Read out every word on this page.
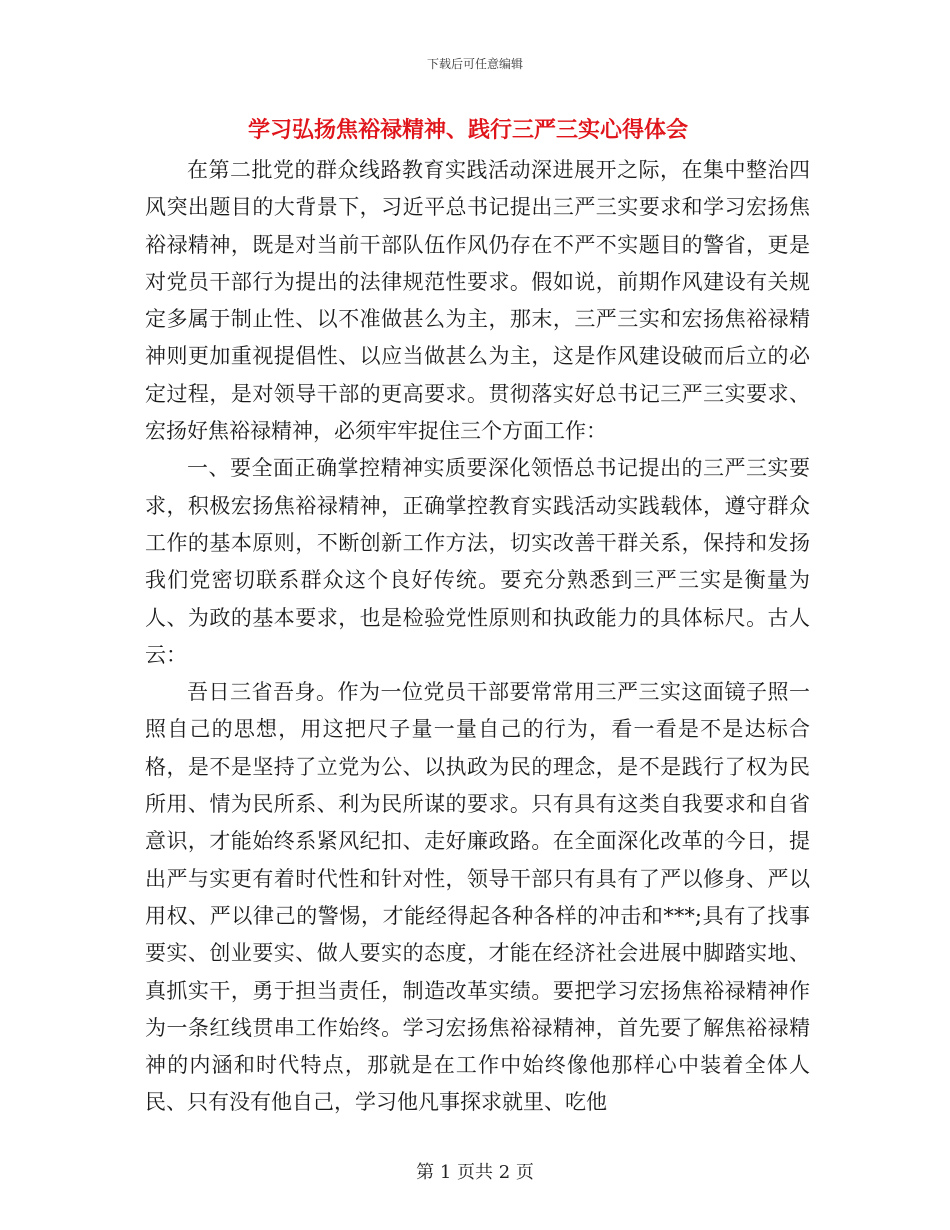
下载后可任意编辑
学习弘扬焦裕禄精神、践行三严三实心得体会

在第二批党的群众线路教育实践活动深进展开之际，在集中整治四风突出题目的大背景下，习近平总书记提出三严三实要求和学习宏扬焦裕禄精神，既是对当前干部队伍作风仍存在不严不实题目的警省，更是对党员干部行为提出的法律规范性要求。假如说，前期作风建设有关规定多属于制止性、以不准做甚么为主，那末，三严三实和宏扬焦裕禄精神则更加重视提倡性、以应当做甚么为主，这是作风建设破而后立的必定过程，是对领导干部的更高要求。贯彻落实好总书记三严三实要求、宏扬好焦裕禄精神，必须牢牢捉住三个方面工作：

一、要全面正确掌控精神实质要深化领悟总书记提出的三严三实要求，积极宏扬焦裕禄精神，正确掌控教育实践活动实践载体，遵守群众工作的基本原则，不断创新工作方法，切实改善干群关系，保持和发扬我们党密切联系群众这个良好传统。要充分熟悉到三严三实是衡量为人、为政的基本要求，也是检验党性原则和执政能力的具体标尺。古人云：

吾日三省吾身。作为一位党员干部要常常用三严三实这面镜子照一照自己的思想，用这把尺子量一量自己的行为，看一看是不是达标合格，是不是坚持了立党为公、以执政为民的理念，是不是践行了权为民所用、情为民所系、利为民所谋的要求。只有具有这类自我要求和自省意识，才能始终系紧风纪扣、走好廉政路。在全面深化改革的今日，提出严与实更有着时代性和针对性，领导干部只有具有了严以修身、严以用权、严以律己的警惕，才能经得起各种各样的冲击和***;具有了找事要实、创业要实、做人要实的态度，才能在经济社会进展中脚踏实地、真抓实干，勇于担当责任，制造改革实绩。要把学习宏扬焦裕禄精神作为一条红线贯串工作始终。学习宏扬焦裕禄精神，首先要了解焦裕禄精神的内涵和时代特点，那就是在工作中始终像他那样心中装着全体人民、只有没有他自己，学习他凡事探求就里、吃他

第 1 页共 2 页
